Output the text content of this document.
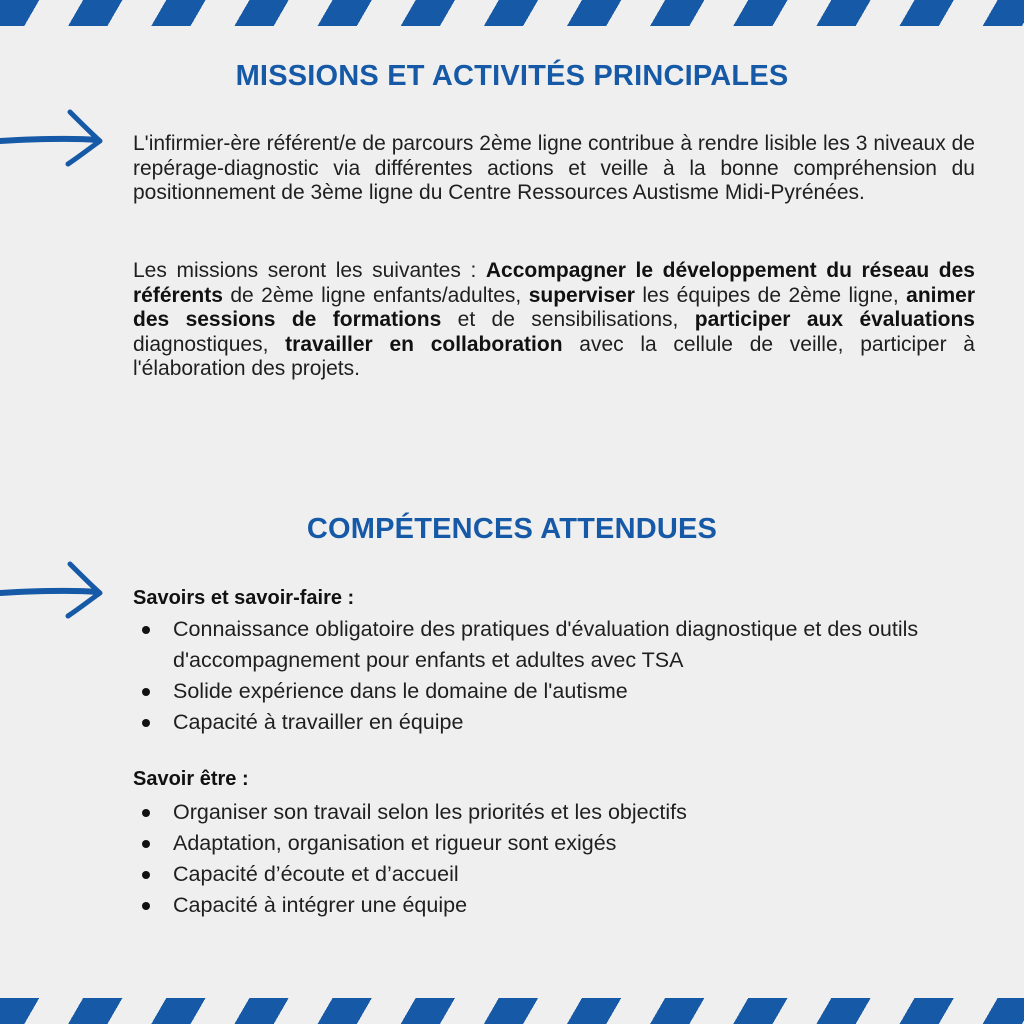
MISSIONS ET ACTIVITÉS PRINCIPALES

L'infirmier-ère référent/e de parcours 2ème ligne contribue à rendre lisible les 3 niveaux de repérage-diagnostic via différentes actions et veille à la bonne compréhension du positionnement de 3ème ligne du Centre Ressources Austisme Midi-Pyrénées.

Les missions seront les suivantes : Accompagner le développement du réseau des référents de 2ème ligne enfants/adultes, superviser les équipes de 2ème ligne, animer des sessions de formations et de sensibilisations, participer aux évaluations diagnostiques, travailler en collaboration avec la cellule de veille, participer à l'élaboration des projets.

COMPÉTENCES ATTENDUES

Savoirs et savoir-faire :

Connaissance obligatoire des pratiques d'évaluation diagnostique et des outils d'accompagnement pour enfants et adultes avec TSA
Solide expérience dans le domaine de l'autisme
Capacité à travailler en équipe

Savoir être :

Organiser son travail selon les priorités et les objectifs
Adaptation, organisation et rigueur sont exigés
Capacité d’écoute et d’accueil
Capacité à intégrer une équipe
